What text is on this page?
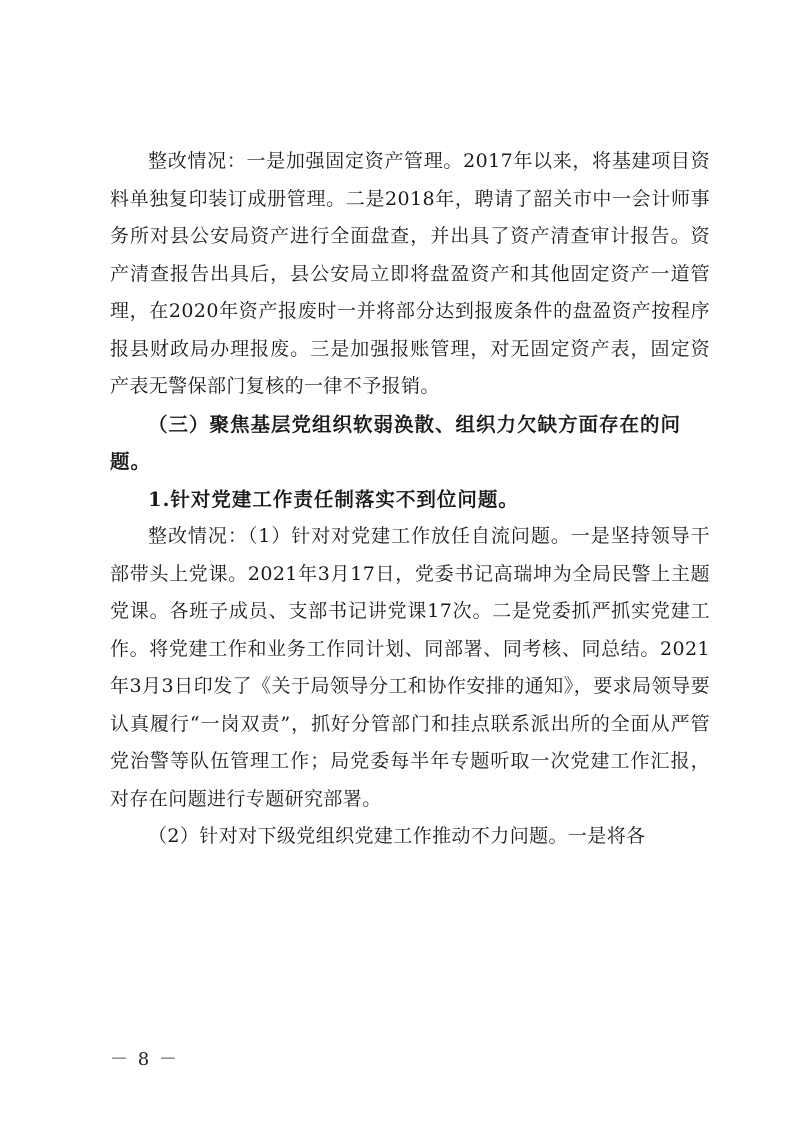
整改情况：一是加强固定资产管理。2017年以来，将基建项目资料单独复印装订成册管理。二是2018年，聘请了韶关市中一会计师事务所对县公安局资产进行全面盘查，并出具了资产清查审计报告。资产清查报告出具后，县公安局立即将盘盈资产和其他固定资产一道管理，在2020年资产报废时一并将部分达到报废条件的盘盈资产按程序报县财政局办理报废。三是加强报账管理，对无固定资产表，固定资产表无警保部门复核的一律不予报销。

（三）聚焦基层党组织软弱涣散、组织力欠缺方面存在的问题。

1.针对党建工作责任制落实不到位问题。

整改情况：（1）针对对党建工作放任自流问题。一是坚持领导干部带头上党课。2021年3月17日，党委书记高瑞坤为全局民警上主题党课。各班子成员、支部书记讲党课17次。二是党委抓严抓实党建工作。将党建工作和业务工作同计划、同部署、同考核、同总结。2021年3月3日印发了《关于局领导分工和协作安排的通知》，要求局领导要认真履行“一岗双责”，抓好分管部门和挂点联系派出所的全面从严管党治警等队伍管理工作；局党委每半年专题听取一次党建工作汇报，对存在问题进行专题研究部署。

（2）针对对下级党组织党建工作推动不力问题。一是将各

－ 8 －
